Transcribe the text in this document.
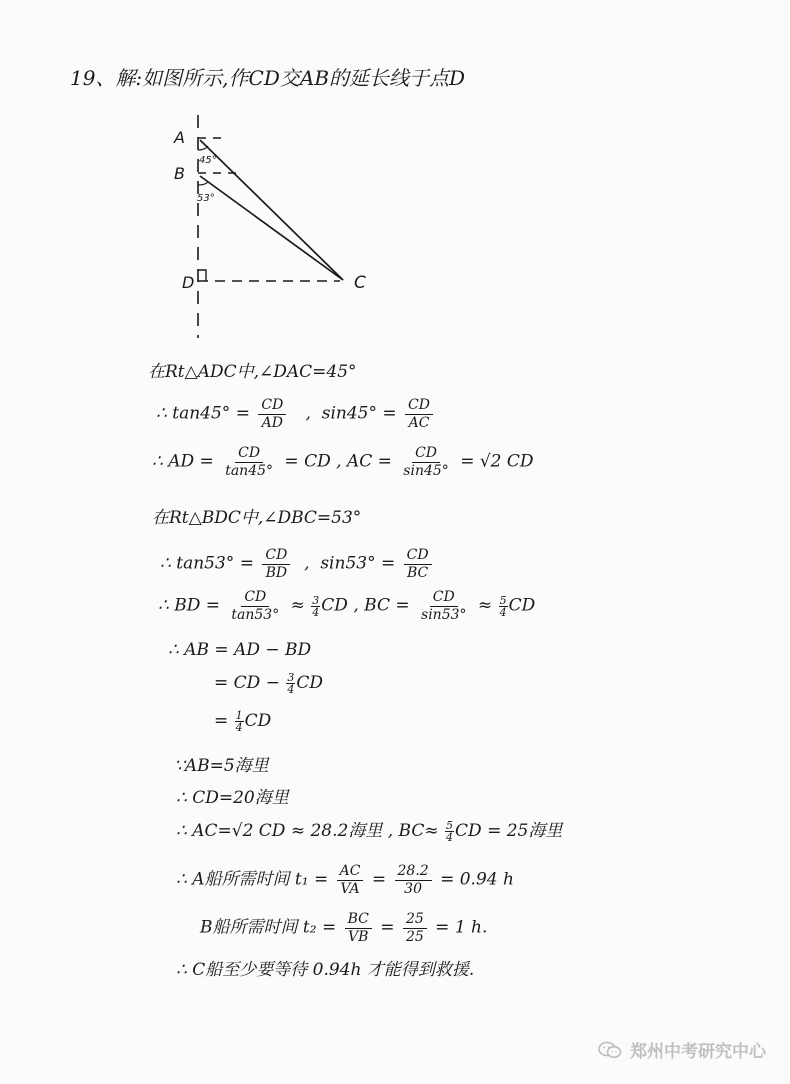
19、解:如图所示,作CD交AB的延长线于点D
A
B
D	C
45°
53°
在Rt△ADC中,∠DAC=45°
∴ $\tan 45^\circ = \frac{CD}{AD}$ ,  $\sin 45^\circ = \frac{CD}{AC}$
∴ AD = $\frac{CD}{\tan 45^\circ}$ = CD , AC = $\frac{CD}{\sin 45^\circ} = √2$ CD
在Rt△BDC中,∠DBC=53°
∴ $\tan 53^\circ = \frac{CD}{BD}$ ,  $\sin 53^\circ = \frac{CD}{BC}$
∴ BD = $\frac{CD}{\tan 53^\circ} \approx \frac{3}{4}$ CD , BC = $\frac{CD}{\sin 53^\circ} \approx \frac{5}{4}$ CD
∴ AB = AD − BD
= CD − $\frac{3}{4}$ CD
= $\frac{1}{4}$ CD
∵AB=5海里
∴ CD=20海里
∴ AC=√2 CD ≈ 28.2海里 , $BC\approx \frac{5}{4}$ CD = 25海里
∴ A船所需时间 $t_1 = \frac{AC}{VA} = \frac{28.2}{30} = 0.94$ h
B船所需时间 $t_2 = \frac{BC}{VB} = \frac{25}{25} = 1$ h.
∴ C船至少要等待 0.94h 才能得到救援.
郑州中考研究中心
